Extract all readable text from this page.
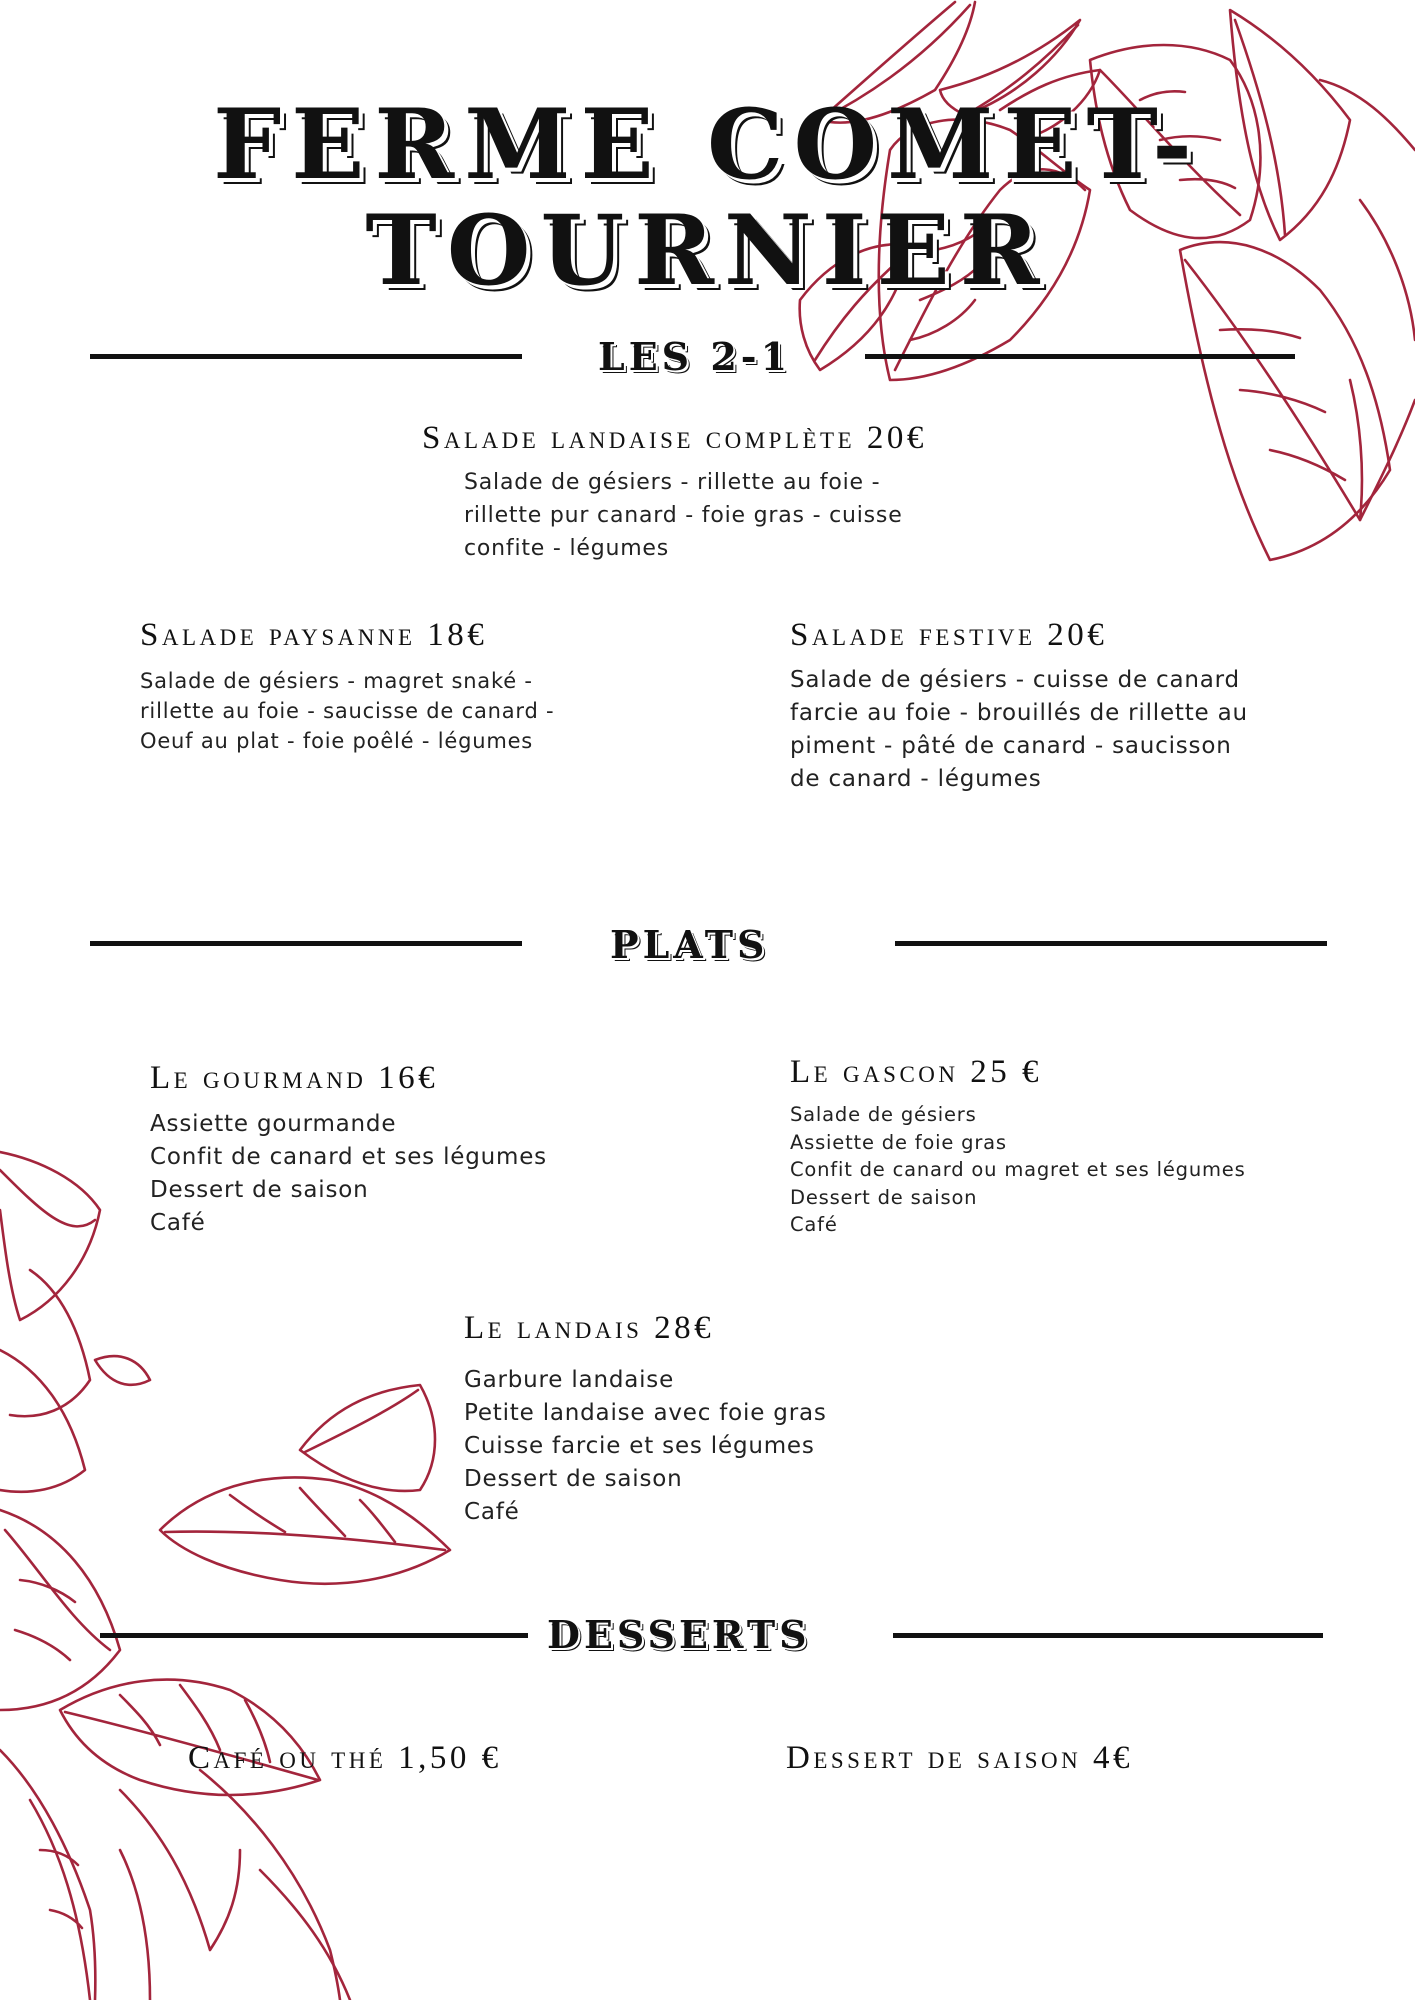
FERME COMET-
TOURNIER
LES 2-1
Salade landaise complète 20€
Salade de gésiers - rillette au foie -
rillette pur canard - foie gras - cuisse
confite - légumes
Salade paysanne 18€
Salade de gésiers - magret snaké -
rillette au foie - saucisse de canard -
Oeuf au plat - foie poêlé - légumes
Salade festive 20€
Salade de gésiers - cuisse de canard
farcie au foie - brouillés de rillette au
piment - pâté de canard - saucisson
de canard - légumes
PLATS
Le gourmand 16€
Assiette gourmande
Confit de canard et ses légumes
Dessert de saison
Café
Le gascon 25 €
Salade de gésiers
Assiette de foie gras
Confit de canard ou magret et ses légumes
Dessert de saison
Café
Le landais 28€
Garbure landaise
Petite landaise avec foie gras
Cuisse farcie et ses légumes
Dessert de saison
Café
DESSERTS
Café ou thé 1,50 €	Dessert de saison 4€
